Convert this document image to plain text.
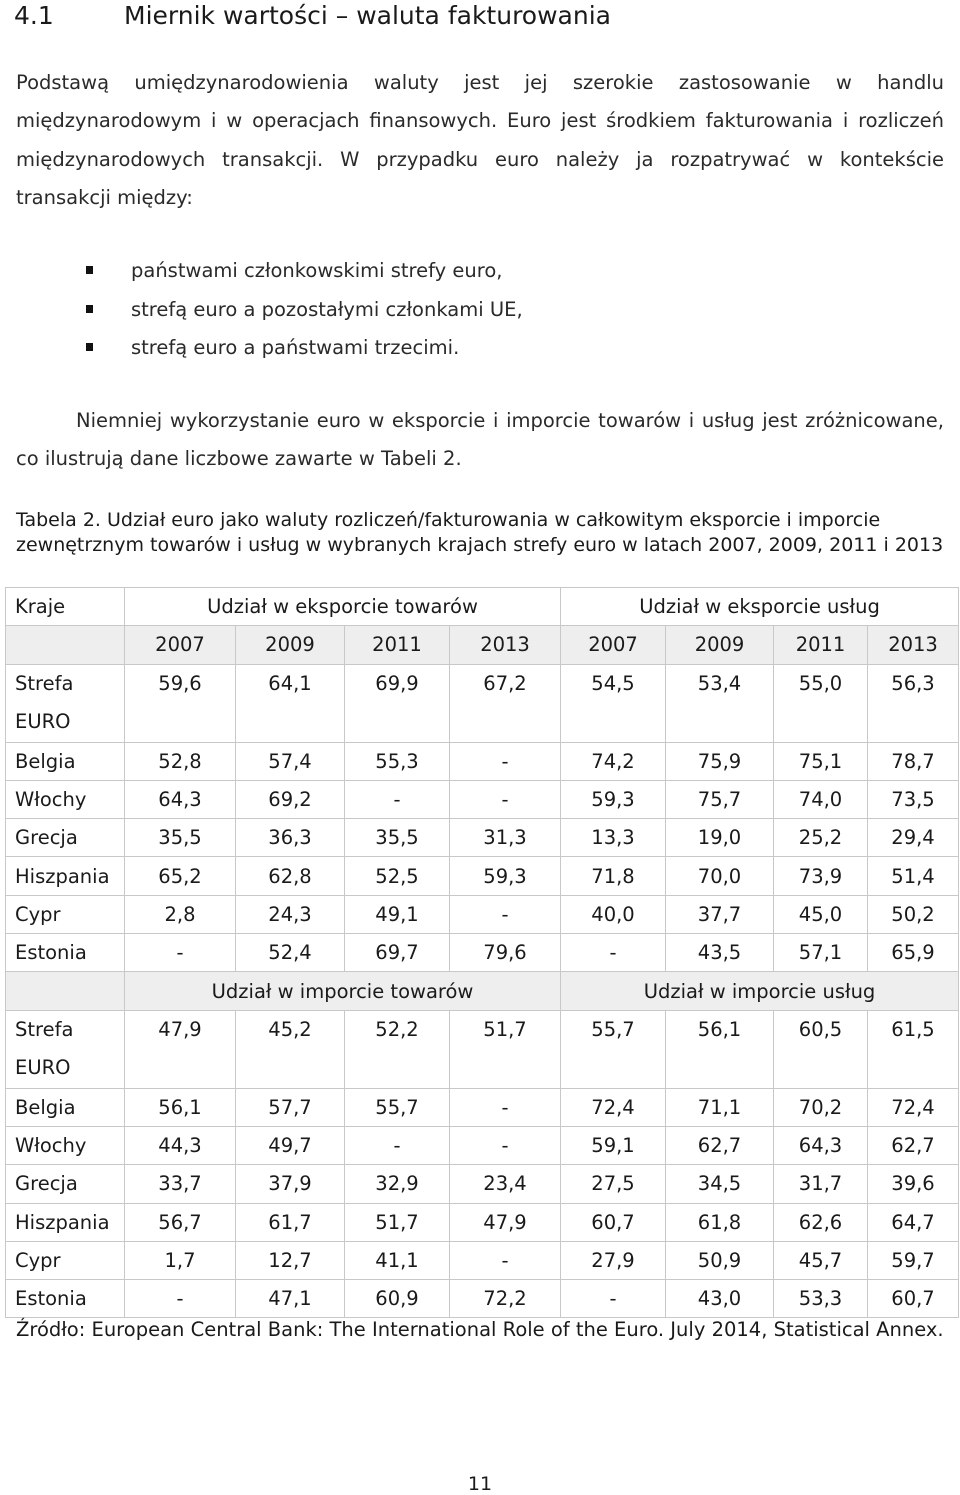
4.1	Miernik wartości – waluta fakturowania

Podstawą umiędzynarodowienia waluty jest jej szerokie zastosowanie w handlu międzynarodowym i w operacjach finansowych. Euro jest środkiem fakturowania i rozliczeń międzynarodowych transakcji. W przypadku euro należy ja rozpatrywać w kontekście transakcji między:

państwami członkowskimi strefy euro,
strefą euro a pozostałymi członkami UE,
strefą euro a państwami trzecimi.

Niemniej wykorzystanie euro w eksporcie i imporcie towarów i usług jest zróżnicowane, co ilustrują dane liczbowe zawarte w Tabeli 2.

Tabela 2. Udział euro jako waluty rozliczeń/fakturowania w całkowitym eksporcie i imporcie zewnętrznym towarów i usług w wybranych krajach strefy euro w latach 2007, 2009, 2011 i 2013

Kraje	Udział w eksporcie towarów				Udział w eksporcie usług			
	2007	2009	2011	2013	2007	2009	2011	2013
Strefa EURO	59,6	64,1	69,9	67,2	54,5	53,4	55,0	56,3
Belgia	52,8	57,4	55,3	-	74,2	75,9	75,1	78,7
Włochy	64,3	69,2	-	-	59,3	75,7	74,0	73,5
Grecja	35,5	36,3	35,5	31,3	13,3	19,0	25,2	29,4
Hiszpania	65,2	62,8	52,5	59,3	71,8	70,0	73,9	51,4
Cypr	2,8	24,3	49,1	-	40,0	37,7	45,0	50,2
Estonia	-	52,4	69,7	79,6	-	43,5	57,1	65,9
	Udział w imporcie towarów				Udział w imporcie usług			
Strefa EURO	47,9	45,2	52,2	51,7	55,7	56,1	60,5	61,5
Belgia	56,1	57,7	55,7	-	72,4	71,1	70,2	72,4
Włochy	44,3	49,7	-	-	59,1	62,7	64,3	62,7
Grecja	33,7	37,9	32,9	23,4	27,5	34,5	31,7	39,6
Hiszpania	56,7	61,7	51,7	47,9	60,7	61,8	62,6	64,7
Cypr	1,7	12,7	41,1	-	27,9	50,9	45,7	59,7
Estonia	-	47,1	60,9	72,2	-	43,0	53,3	60,7

Źródło: European Central Bank: The International Role of the Euro. July 2014, Statistical Annex.

11
